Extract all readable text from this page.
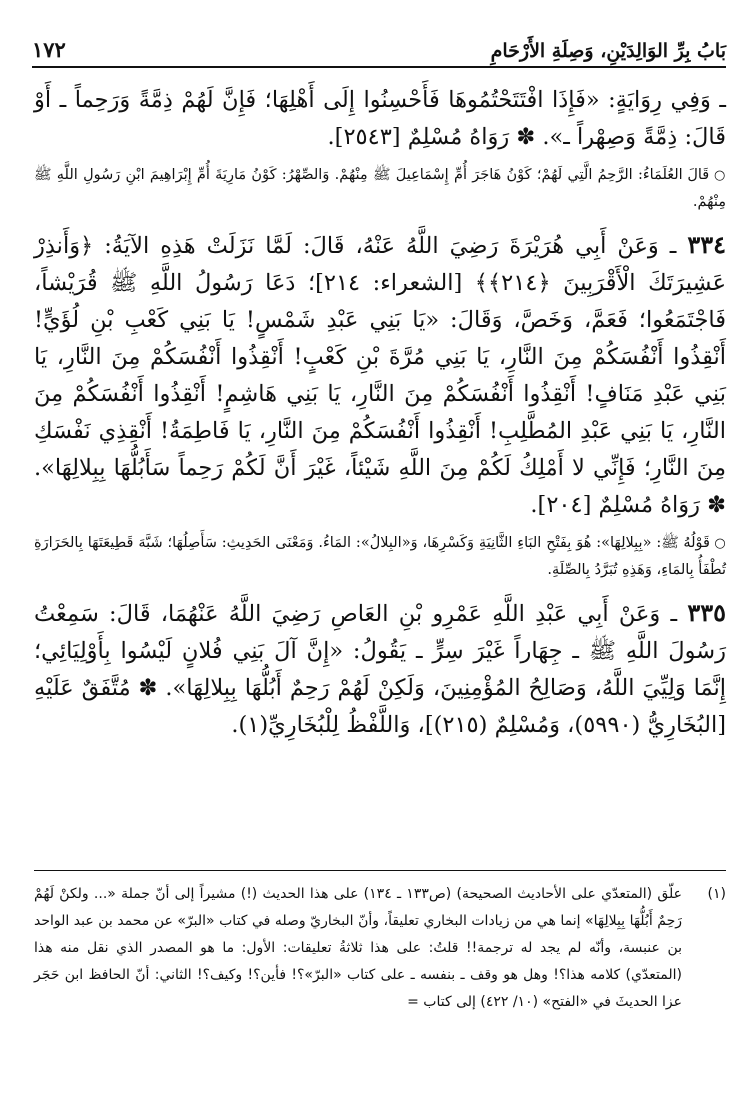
بَابُ بِرِّ الوَالِدَيْنِ، وَصِلَةِ الأَرْحَامِ
١٧٢

ـ وَفِي رِوَايَةٍ: «فَإِذَا افْتَتَحْتُمُوهَا فَأَحْسِنُوا إِلَى أَهْلِهَا؛ فَإِنَّ لَهُمْ ذِمَّةً وَرَحِماً ـ أَوْ قَالَ: ذِمَّةً وَصِهْراً ـ». ✽ رَوَاهُ مُسْلِمٌ [٢٥٤٣].

○ قَالَ العُلَمَاءُ: الرَّحِمُ الَّتِي لَهُمْ؛ كَوْنُ هَاجَرَ أُمِّ إِسْمَاعِيلَ ﷺ مِنْهُمْ. وَالصِّهْرُ: كَوْنُ مَارِيَةَ أُمِّ إِبْرَاهِيمَ ابْنِ رَسُولِ اللَّهِ ﷺ مِنْهُمْ.

٣٣٤ ـ وَعَنْ أَبِي هُرَيْرَةَ رَضِيَ اللَّهُ عَنْهُ، قَالَ: لَمَّا نَزَلَتْ هَذِهِ الآيَةُ: ﴿وَأَنذِرْ عَشِيرَتَكَ الْأَقْرَبِينَ ﴿٢١٤﴾﴾ [الشعراء: ٢١٤]؛ دَعَا رَسُولُ اللَّهِ ﷺ قُرَيْشاً، فَاجْتَمَعُوا؛ فَعَمَّ، وَخَصَّ، وَقَالَ: «يَا بَنِي عَبْدِ شَمْسٍ! يَا بَنِي كَعْبِ بْنِ لُؤَيٍّ! أَنْقِذُوا أَنْفُسَكُمْ مِنَ النَّارِ، يَا بَنِي مُرَّةَ بْنِ كَعْبٍ! أَنْقِذُوا أَنْفُسَكُمْ مِنَ النَّارِ، يَا بَنِي عَبْدِ مَنَافٍ! أَنْقِذُوا أَنْفُسَكُمْ مِنَ النَّارِ، يَا بَنِي هَاشِمٍ! أَنْقِذُوا أَنْفُسَكُمْ مِنَ النَّارِ، يَا بَنِي عَبْدِ المُطَّلِبِ! أَنْقِذُوا أَنْفُسَكُمْ مِنَ النَّارِ، يَا فَاطِمَةُ! أَنْقِذِي نَفْسَكِ مِنَ النَّارِ؛ فَإِنِّي لا أَمْلِكُ لَكُمْ مِنَ اللَّهِ شَيْئاً، غَيْرَ أَنَّ لَكُمْ رَحِماً سَأَبُلُّهَا بِبِلالِهَا». ✽ رَوَاهُ مُسْلِمٌ [٢٠٤].

○ قَوْلُهُ ﷺ: «بِبِلالِهَا»: هُوَ بِفَتْحِ البَاءِ الثَّانِيَةِ وَكَسْرِهَا، وَ«البِلالُ»: المَاءُ. وَمَعْنَى الحَدِيثِ: سَأَصِلُهَا؛ شَبَّهَ قَطِيعَتَهَا بِالحَرَارَةِ تُطْفَأُ بِالمَاءِ، وَهَذِهِ تُبَرَّدُ بِالصِّلَةِ.

٣٣٥ ـ وَعَنْ أَبِي عَبْدِ اللَّهِ عَمْرِو بْنِ العَاصِ رَضِيَ اللَّهُ عَنْهُمَا، قَالَ: سَمِعْتُ رَسُولَ اللَّهِ ﷺ ـ جِهَاراً غَيْرَ سِرٍّ ـ يَقُولُ: «إِنَّ آلَ بَنِي فُلانٍ لَيْسُوا بِأَوْلِيَائِي؛ إِنَّمَا وَلِيِّيَ اللَّهُ، وَصَالِحُ المُؤْمِنِينَ، وَلَكِنْ لَهُمْ رَحِمٌ أَبُلُّهَا بِبِلالِهَا». ✽ مُتَّفَقٌ عَلَيْهِ [البُخَارِيُّ (٥٩٩٠)، وَمُسْلِمٌ (٢١٥)]، وَاللَّفْظُ لِلْبُخَارِيِّ(١).

(١)
علّق (المتعدّي على الأحاديث الصحيحة) (ص١٣٣ ـ ١٣٤) على هذا الحديث (!) مشيراً إلى أنّ جملة «... ولكنْ لَهُمْ رَحِمٌ أَبُلُّهَا بِبِلالِهَا» إنما هي من زيادات البخاري تعليقاً، وأنّ البخاريّ وصله في كتاب «البرّ» عن محمد بن عبد الواحد بن عنبسة، وأنّه لم يجد له ترجمة!! قلتُ: على هذا ثلاثةُ تعليقات: الأول: ما هو المصدر الذي نقل منه هذا (المتعدّي) كلامه هذا؟! وهل هو وقف ـ بنفسه ـ على كتاب «البرّ»؟! فأين؟! وكيف؟! الثاني: أنّ الحافظ ابن حَجَر عزا الحديثَ في «الفتح» (١٠/ ٤٢٢) إلى كتاب =
